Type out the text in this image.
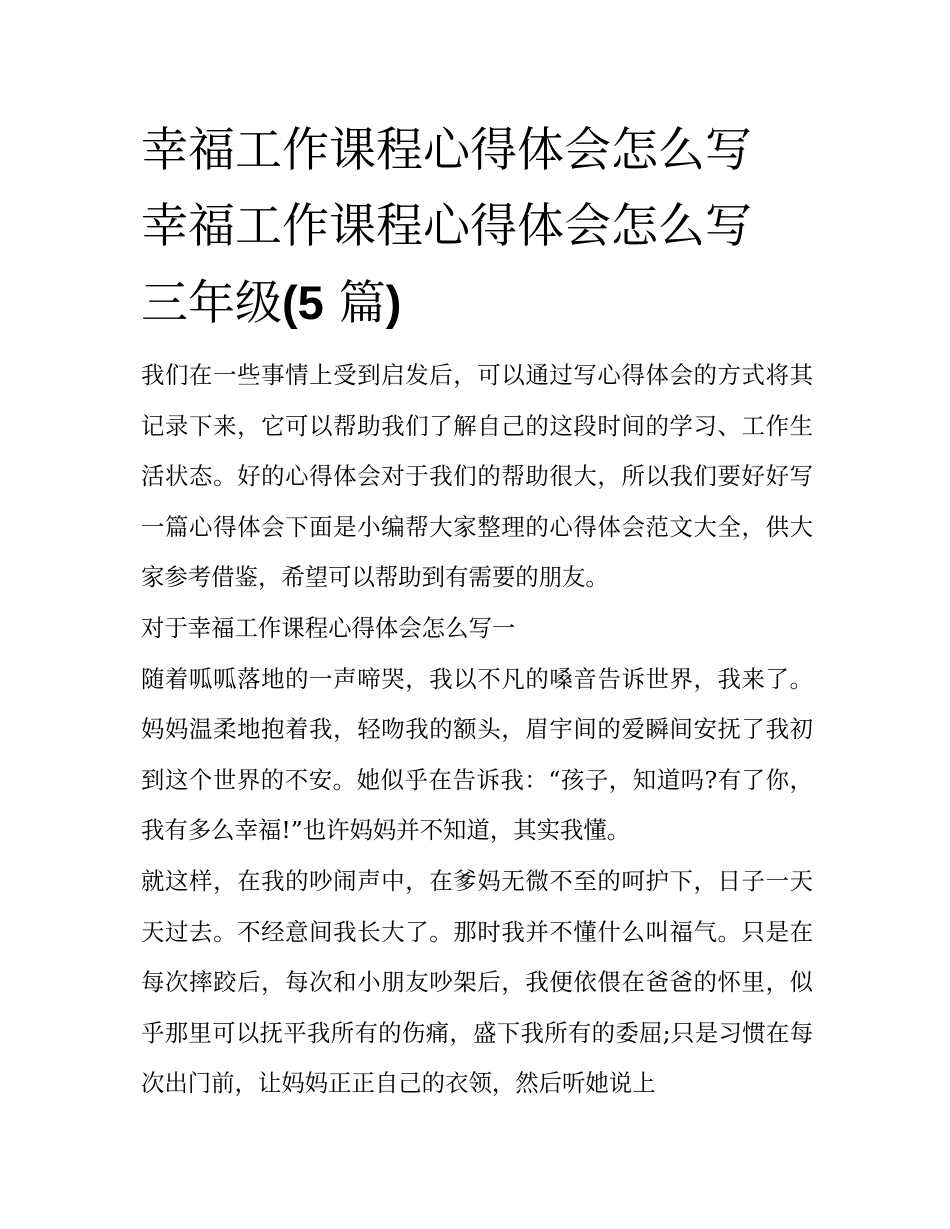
幸福工作课程心得体会怎么写
幸福工作课程心得体会怎么写
三年级(5 篇)

我们在一些事情上受到启发后，可以通过写心得体会的方式将其记录下来，它可以帮助我们了解自己的这段时间的学习、工作生活状态。好的心得体会对于我们的帮助很大，所以我们要好好写一篇心得体会下面是小编帮大家整理的心得体会范文大全，供大家参考借鉴，希望可以帮助到有需要的朋友。

对于幸福工作课程心得体会怎么写一

随着呱呱落地的一声啼哭，我以不凡的嗓音告诉世界，我来了。妈妈温柔地抱着我，轻吻我的额头，眉宇间的爱瞬间安抚了我初到这个世界的不安。她似乎在告诉我：“孩子，知道吗?有了你，我有多么幸福!”也许妈妈并不知道，其实我懂。

就这样，在我的吵闹声中，在爹妈无微不至的呵护下，日子一天天过去。不经意间我长大了。那时我并不懂什么叫福气。只是在每次摔跤后，每次和小朋友吵架后，我便依偎在爸爸的怀里，似乎那里可以抚平我所有的伤痛，盛下我所有的委屈;只是习惯在每次出门前，让妈妈正正自己的衣领，然后听她说上
